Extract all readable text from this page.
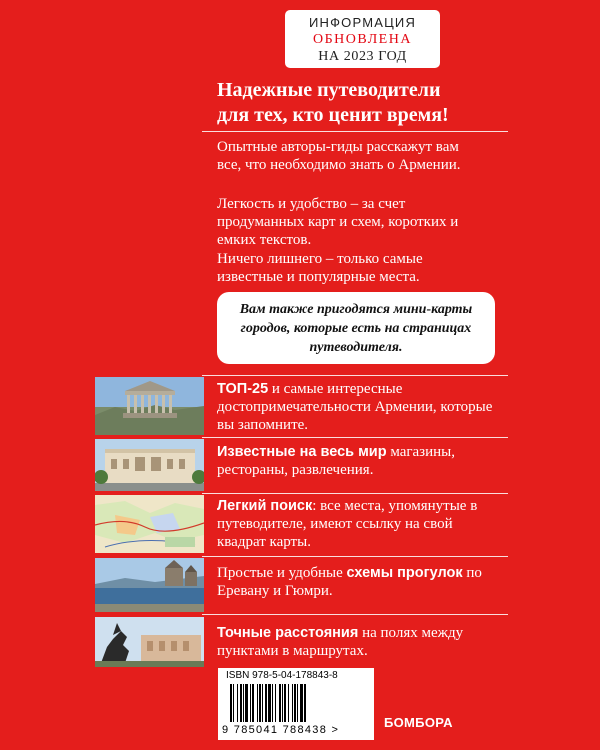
ИНФОРМАЦИЯ
ОБНОВЛЕНА
НА 2023 ГОД
Надежные путеводители
для тех, кто ценит время!
Опытные авторы-гиды расскажут вам все, что необходимо знать о Армении.
Легкость и удобство – за счет продуманных карт и схем, коротких и емких текстов.
Ничего лишнего – только самые известные и популярные места.
Вам также пригодятся мини-карты городов, которые есть на страницах путеводителя.
ТОП-25 и самые интересные достопримечательности Армении, которые вы запомните.
Известные на весь мир магазины, рестораны, развлечения.
Легкий поиск: все места, упомянутые в путеводителе, имеют ссылку на свой квадрат карты.
Простые и удобные схемы прогулок по Еревану и Гюмри.
Точные расстояния на полях между пунктами в маршрутах.
ISBN 978-5-04-178843-8
9 785041 788438 >	БОМБОРА
